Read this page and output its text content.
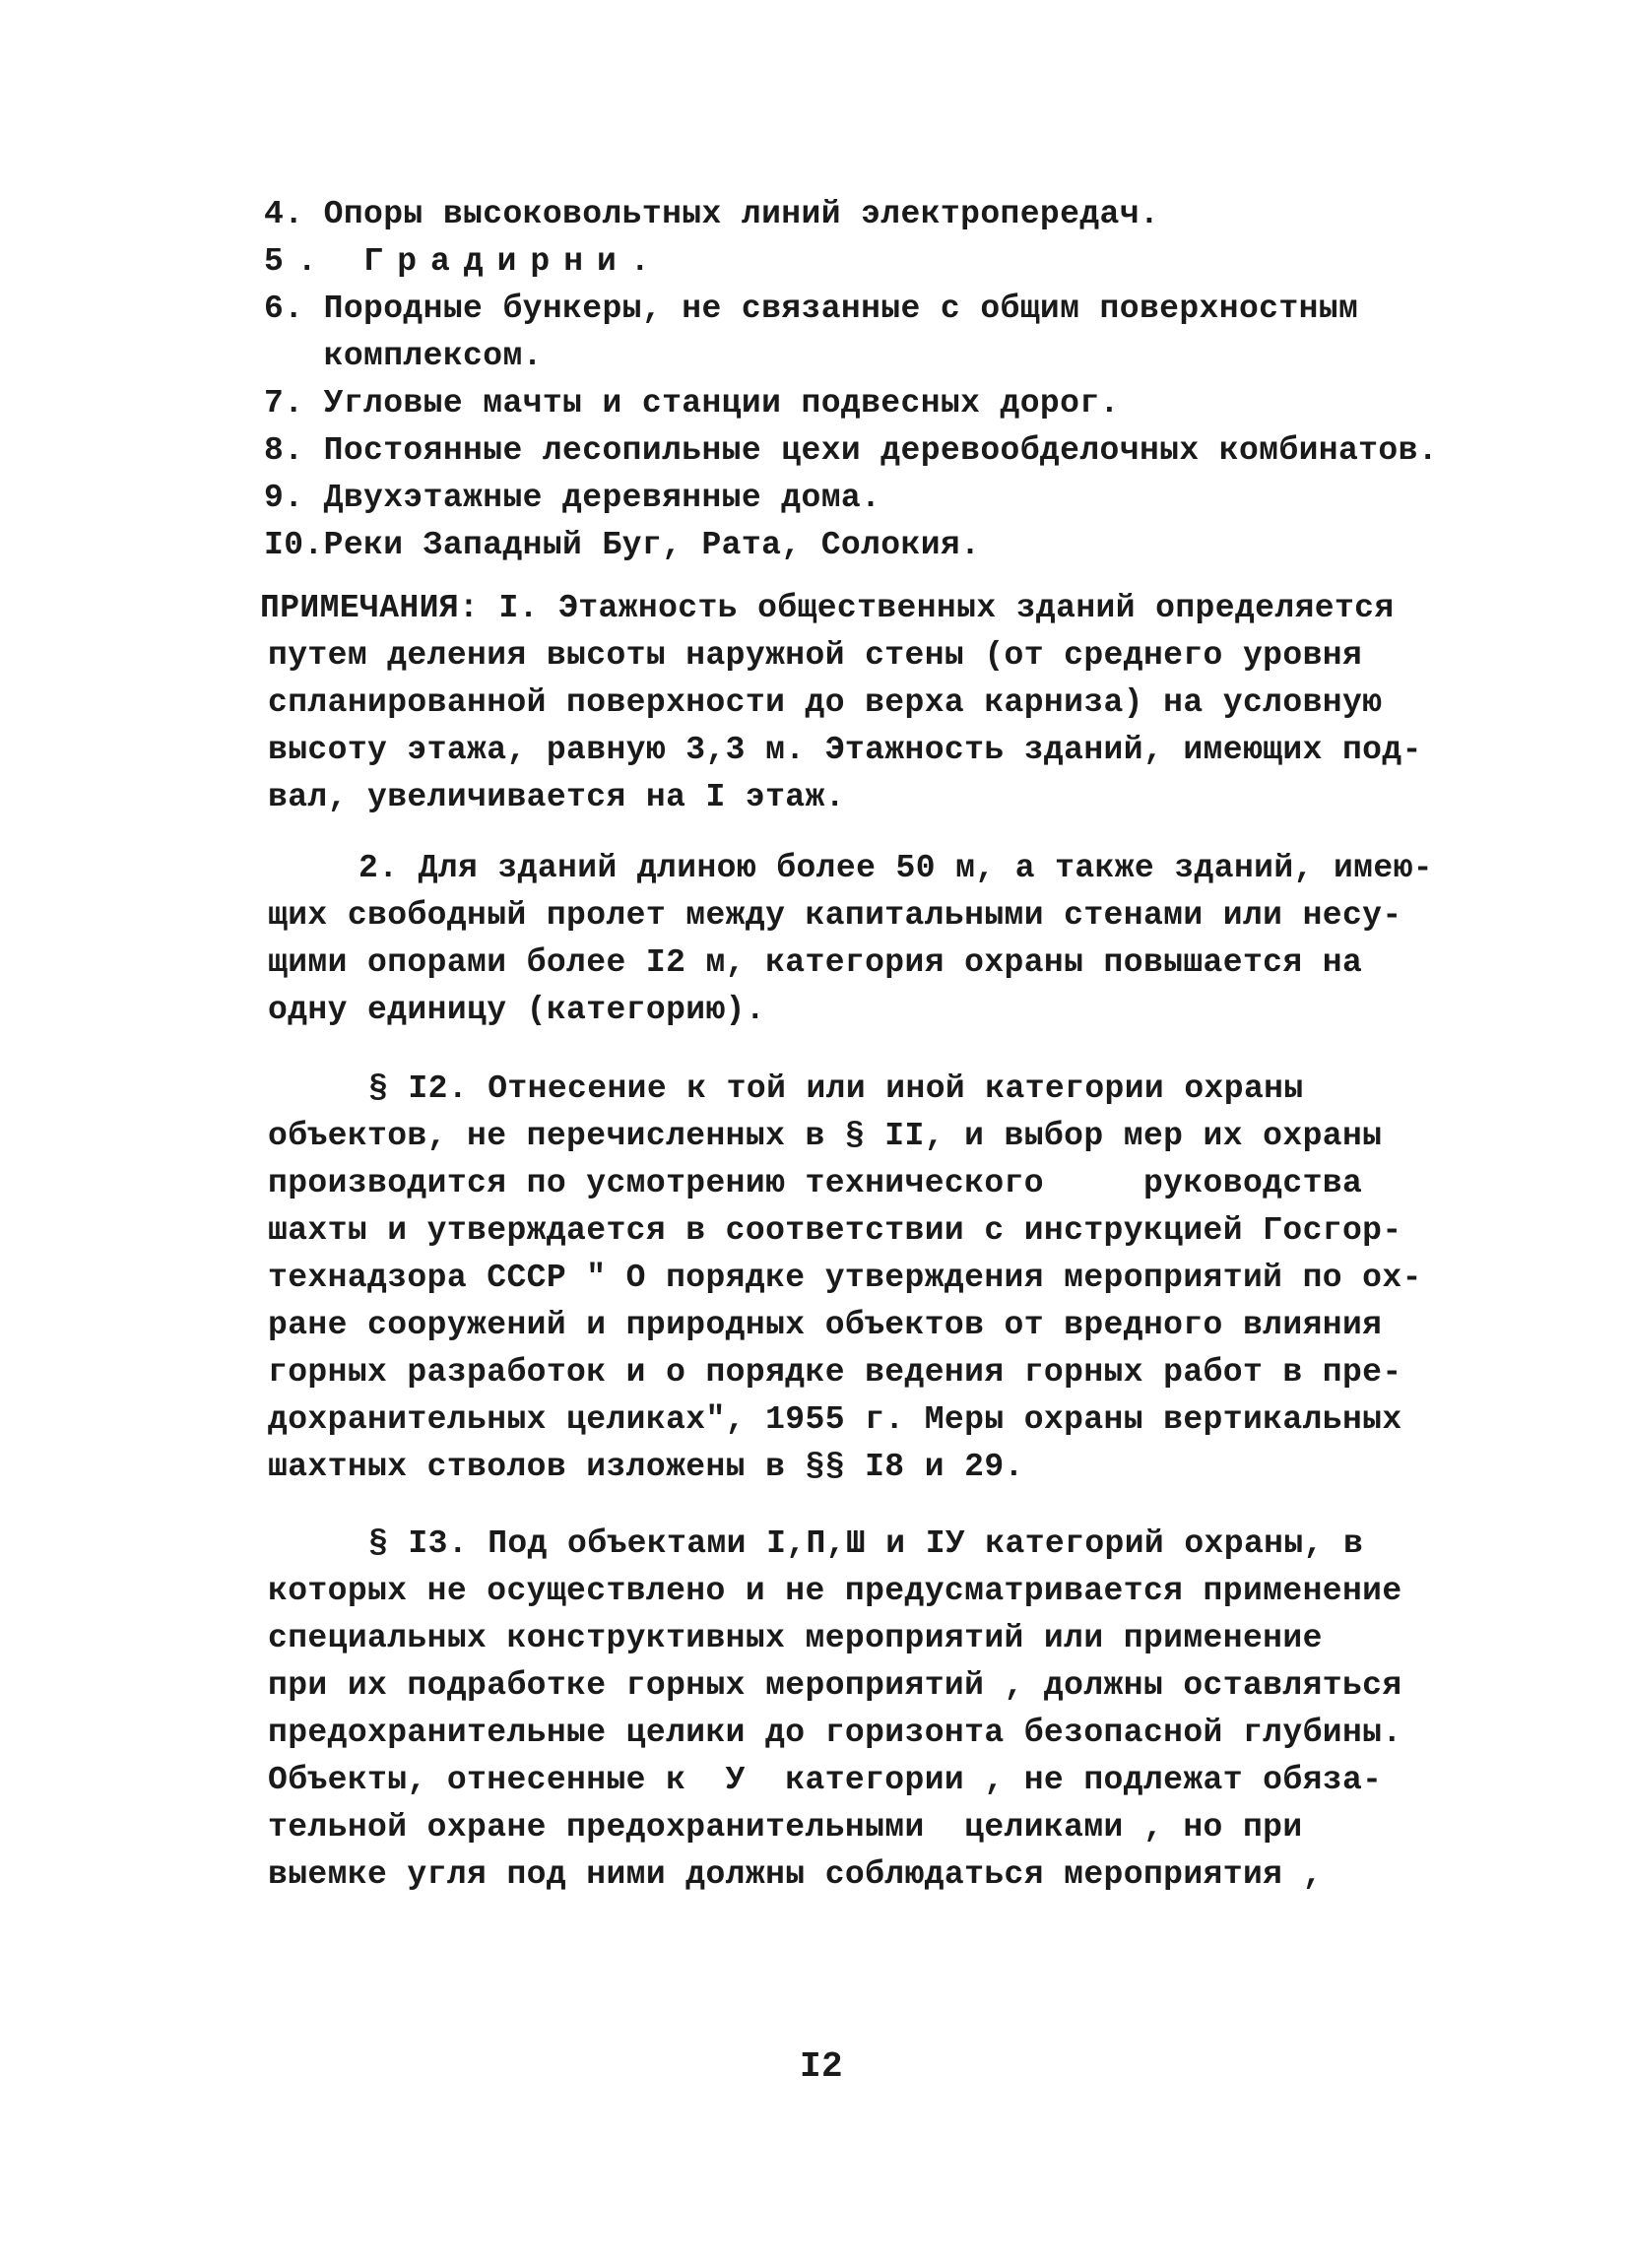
4. Опоры высоковольтных линий электропередач.
5. Градирни.
6. Породные бункеры, не связанные с общим поверхностным
комплексом.
7. Угловые мачты и станции подвесных дорог.
8. Постоянные лесопильные цехи деревообделочных комбинатов.
9. Двухэтажные деревянные дома.
I0.Реки Западный Буг, Рата, Солокия.
ПРИМЕЧАНИЯ: I. Этажность общественных зданий определяется
путем деления высоты наружной стены (от среднего уровня
спланированной поверхности до верха карниза) на условную
высоту этажа, равную 3,3 м. Этажность зданий, имеющих под-
вал, увеличивается на I этаж.
2. Для зданий длиною более 50 м, а также зданий, имею-
щих свободный пролет между капитальными стенами или несу-
щими опорами более I2 м, категория охраны повышается на
одну единицу (категорию).
§ I2. Отнесение к той или иной категории охраны
объектов, не перечисленных в § II, и выбор мер их охраны
производится по усмотрению технического     руководства
шахты и утверждается в соответствии с инструкцией Госгор-
технадзора СССР " О порядке утверждения мероприятий по ох-
ране сооружений и природных объектов от вредного влияния
горных разработок и о порядке ведения горных работ в пре-
дохранительных целиках", 1955 г. Меры охраны вертикальных
шахтных стволов изложены в §§ I8 и 29.
§ I3. Под объектами I,П,Ш и IУ категорий охраны, в
которых не осуществлено и не предусматривается применение
специальных конструктивных мероприятий или применение
при их подработке горных мероприятий , должны оставляться
предохранительные целики до горизонта безопасной глубины.
Объекты, отнесенные к  У  категории , не подлежат обяза-
тельной охране предохранительными  целиками , но при
выемке угля под ними должны соблюдаться мероприятия ,
I2
